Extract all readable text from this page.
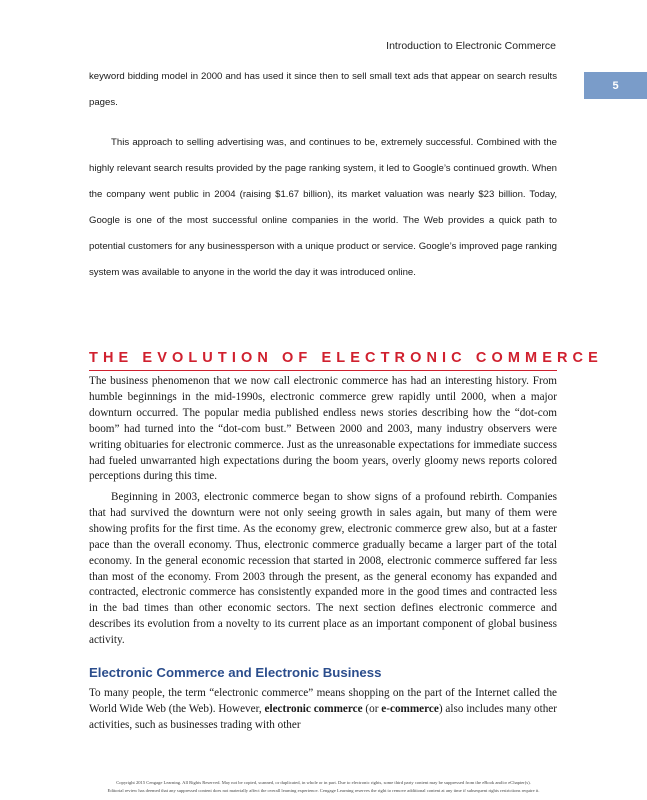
Introduction to Electronic Commerce
5

keyword bidding model in 2000 and has used it since then to sell small text ads that appear on search results pages.

This approach to selling advertising was, and continues to be, extremely successful. Combined with the highly relevant search results provided by the page ranking system, it led to Google’s continued growth. When the company went public in 2004 (raising $1.67 billion), its market valuation was nearly $23 billion. Today, Google is one of the most successful online companies in the world. The Web provides a quick path to potential customers for any businessperson with a unique product or service. Google’s improved page ranking system was available to anyone in the world the day it was introduced online.

THE EVOLUTION OF ELECTRONIC COMMERCE

The business phenomenon that we now call electronic commerce has had an interesting history. From humble beginnings in the mid-1990s, electronic commerce grew rapidly until 2000, when a major downturn occurred. The popular media published endless news stories describing how the “dot-com boom” had turned into the “dot-com bust.” Between 2000 and 2003, many industry observers were writing obituaries for electronic commerce. Just as the unreasonable expectations for immediate success had fueled unwarranted high expectations during the boom years, overly gloomy news reports colored perceptions during this time.

Beginning in 2003, electronic commerce began to show signs of a profound rebirth. Companies that had survived the downturn were not only seeing growth in sales again, but many of them were showing profits for the first time. As the economy grew, electronic commerce grew also, but at a faster pace than the overall economy. Thus, electronic commerce gradually became a larger part of the total economy. In the general economic recession that started in 2008, electronic commerce suffered far less than most of the economy. From 2003 through the present, as the general economy has expanded and contracted, electronic commerce has consistently expanded more in the good times and contracted less in the bad times than other economic sectors. The next section defines electronic commerce and describes its evolution from a novelty to its current place as an important component of global business activity.

Electronic Commerce and Electronic Business

To many people, the term “electronic commerce” means shopping on the part of the Internet called the World Wide Web (the Web). However, electronic commerce (or e-commerce) also includes many other activities, such as businesses trading with other

Copyright 2015 Cengage Learning. All Rights Reserved. May not be copied, scanned, or duplicated, in whole or in part. Due to electronic rights, some third party content may be suppressed from the eBook and/or eChapter(s).
Editorial review has deemed that any suppressed content does not materially affect the overall learning experience. Cengage Learning reserves the right to remove additional content at any time if subsequent rights restrictions require it.
